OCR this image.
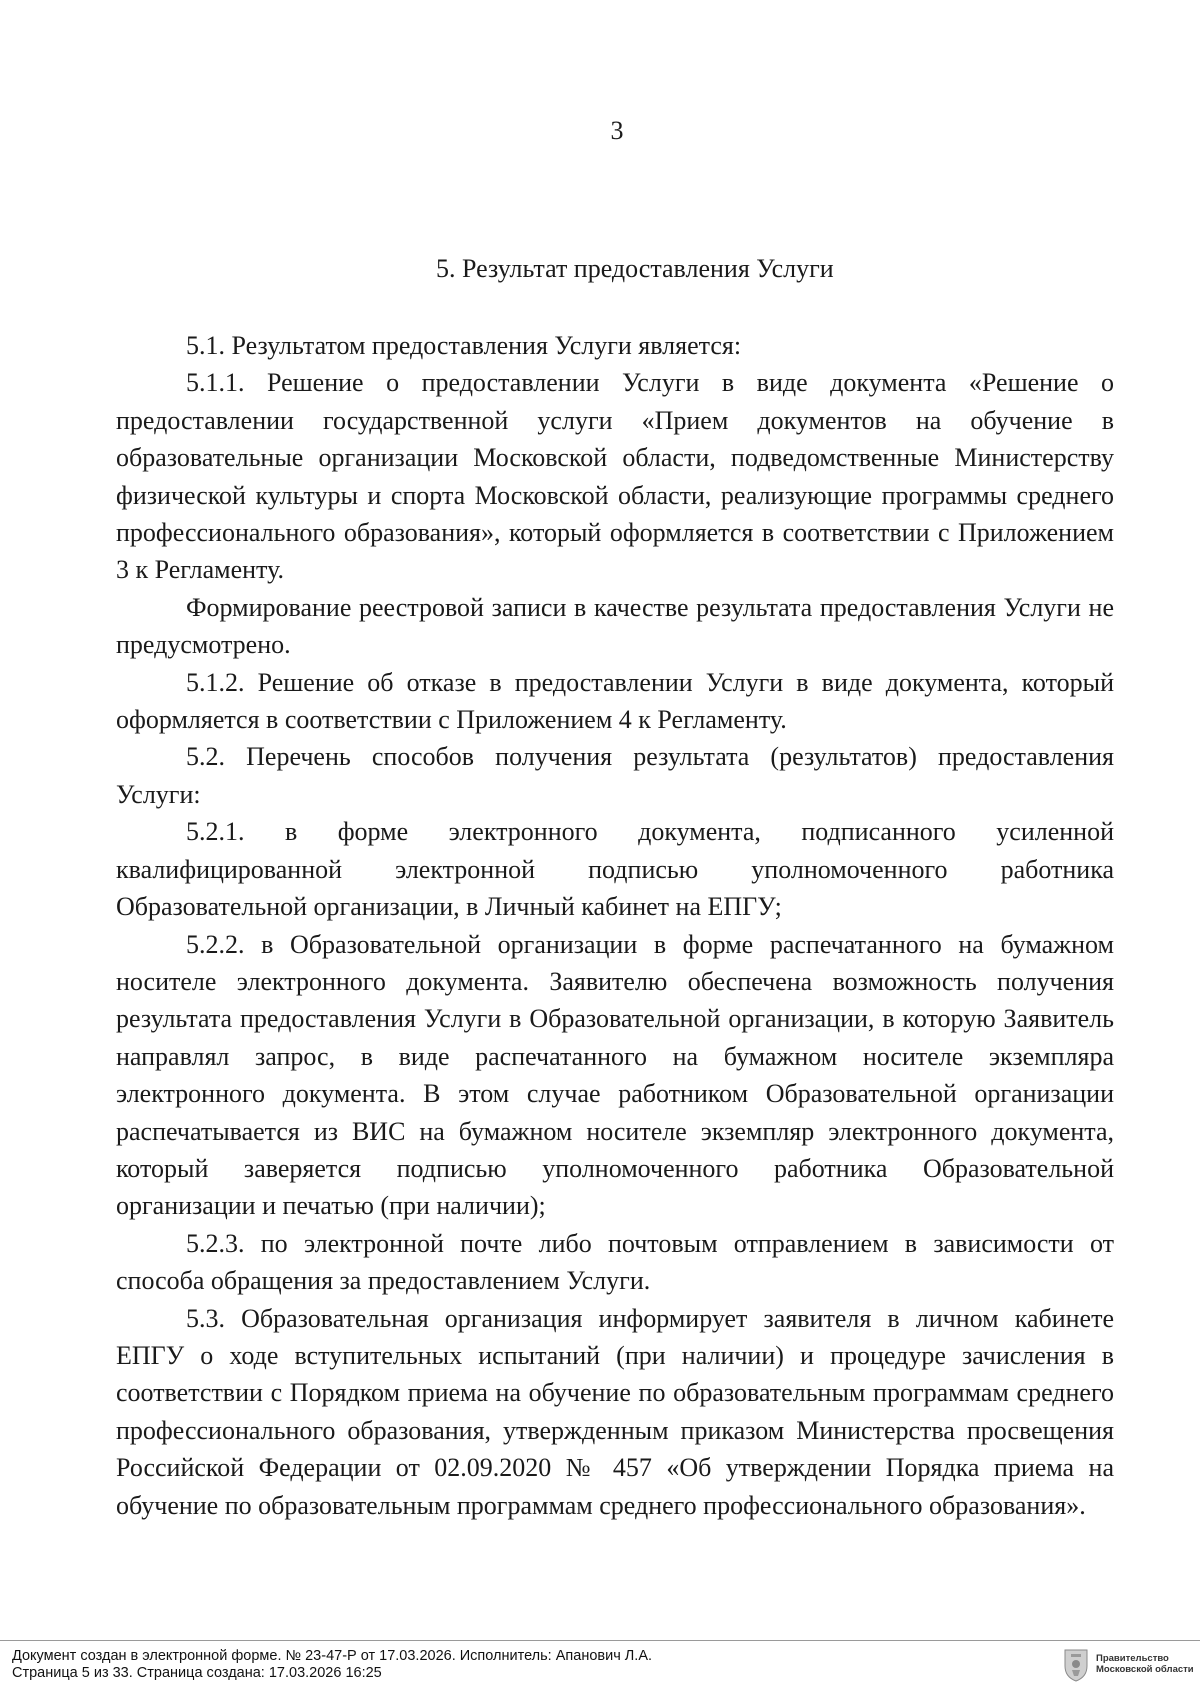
3
5. Результат предоставления Услуги

5.1. Результатом предоставления Услуги является:

5.1.1. Решение о предоставлении Услуги в виде документа «Решение о предоставлении государственной услуги «Прием документов на обучение в образовательные организации Московской области, подведомственные Министерству физической культуры и спорта Московской области, реализующие программы среднего профессионального образования», который оформляется в соответствии с Приложением 3 к Регламенту.

Формирование реестровой записи в качестве результата предоставления Услуги не предусмотрено.

5.1.2. Решение об отказе в предоставлении Услуги в виде документа, который оформляется в соответствии с Приложением 4 к Регламенту.

5.2. Перечень способов получения результата (результатов) предоставления Услуги:

5.2.1. в форме электронного документа, подписанного усиленной квалифицированной электронной подписью уполномоченного работника Образовательной организации, в Личный кабинет на ЕПГУ;

5.2.2. в Образовательной организации в форме распечатанного на бумажном носителе электронного документа. Заявителю обеспечена возможность получения результата предоставления Услуги в Образовательной организации, в которую Заявитель направлял запрос, в виде распечатанного на бумажном носителе экземпляра электронного документа. В этом случае работником Образовательной организации распечатывается из ВИС на бумажном носителе экземпляр электронного документа, который заверяется подписью уполномоченного работника Образовательной организации и печатью (при наличии);

5.2.3. по электронной почте либо почтовым отправлением в зависимости от способа обращения за предоставлением Услуги.

5.3. Образовательная организация информирует заявителя в личном кабинете ЕПГУ о ходе вступительных испытаний (при наличии) и процедуре зачисления в соответствии с Порядком приема на обучение по образовательным программам среднего профессионального образования, утвержденным приказом Министерства просвещения Российской Федерации от 02.09.2020 № 457 «Об утверждении Порядка приема на обучение по образовательным программам среднего профессионального образования».

Документ создан в электронной форме. № 23-47-Р от 17.03.2026. Исполнитель: Апанович Л.А.
Страница 5 из 33. Страница создана: 17.03.2026 16:25
Правительство
Московской области
